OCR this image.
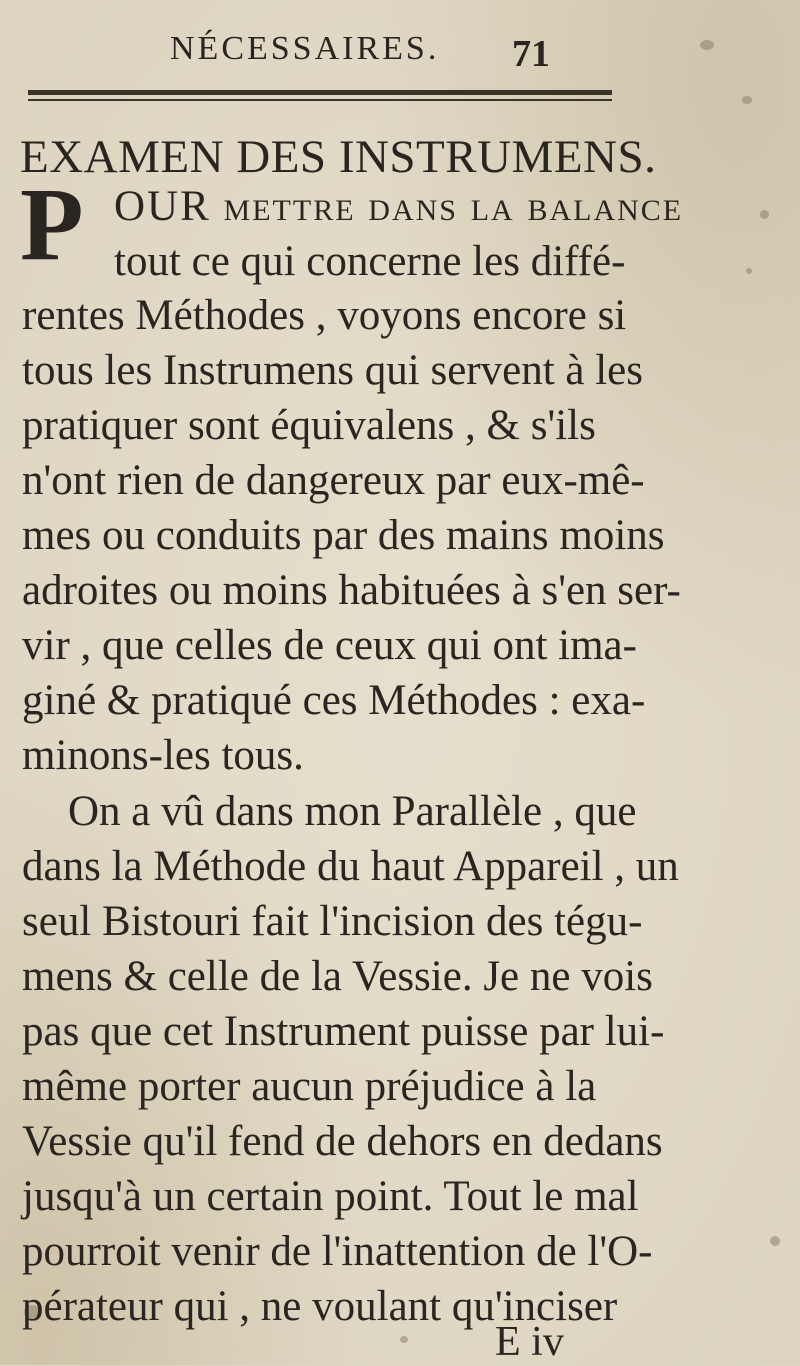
NÉCESSAIRES. 71
EXAMEN DES INSTRUMENS.
P OUR mettre dans la balance
tout ce qui concerne les diffé-
rentes Méthodes , voyons encore si
tous les Instrumens qui servent à les
pratiquer sont équivalens , & s'ils
n'ont rien de dangereux par eux-mê-
mes ou conduits par des mains moins
adroites ou moins habituées à s'en ser-
vir , que celles de ceux qui ont ima-
giné & pratiqué ces Méthodes : exa-
minons-les tous.
On a vû dans mon Parallèle , que
dans la Méthode du haut Appareil , un
seul Bistouri fait l'incision des tégu-
mens & celle de la Vessie. Je ne vois
pas que cet Instrument puisse par lui-
même porter aucun préjudice à la
Vessie qu'il fend de dehors en dedans
jusqu'à un certain point. Tout le mal
pourroit venir de l'inattention de l'O-
pérateur qui , ne voulant qu'inciser
E iv
